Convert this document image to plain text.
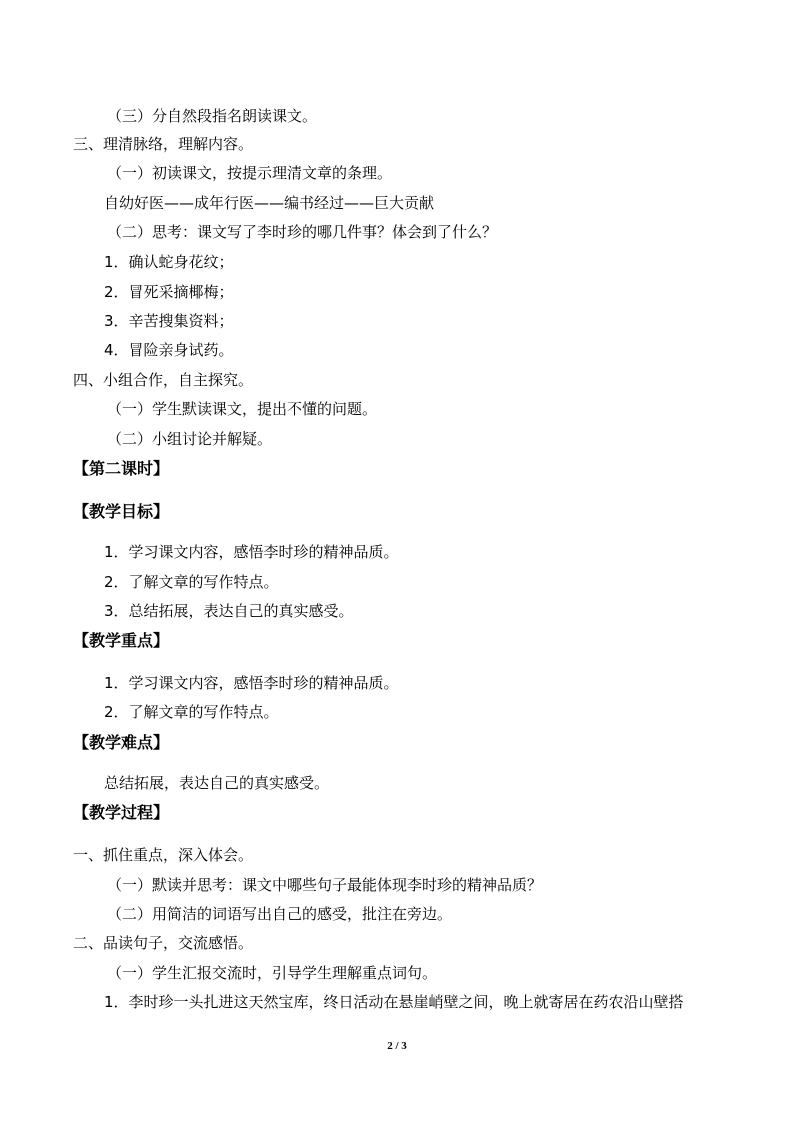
（三）分自然段指名朗读课文。
三、理清脉络，理解内容。
（一）初读课文，按提示理清文章的条理。
自幼好医——成年行医——编书经过——巨大贡献
（二）思考：课文写了李时珍的哪几件事？体会到了什么？
1．确认蛇身花纹；
2．冒死采摘椰梅；
3．辛苦搜集资料；
4．冒险亲身试药。
四、小组合作，自主探究。
（一）学生默读课文，提出不懂的问题。
（二）小组讨论并解疑。
【第二课时】
【教学目标】
1．学习课文内容，感悟李时珍的精神品质。
2．了解文章的写作特点。
3．总结拓展，表达自己的真实感受。
【教学重点】
1．学习课文内容，感悟李时珍的精神品质。
2．了解文章的写作特点。
【教学难点】
总结拓展，表达自己的真实感受。
【教学过程】
一、抓住重点，深入体会。
（一）默读并思考：课文中哪些句子最能体现李时珍的精神品质？
（二）用简洁的词语写出自己的感受，批注在旁边。
二、品读句子，交流感悟。
（一）学生汇报交流时，引导学生理解重点词句。
1．李时珍一头扎进这天然宝库，终日活动在悬崖峭壁之间，晚上就寄居在药农沿山壁搭
2 / 3
